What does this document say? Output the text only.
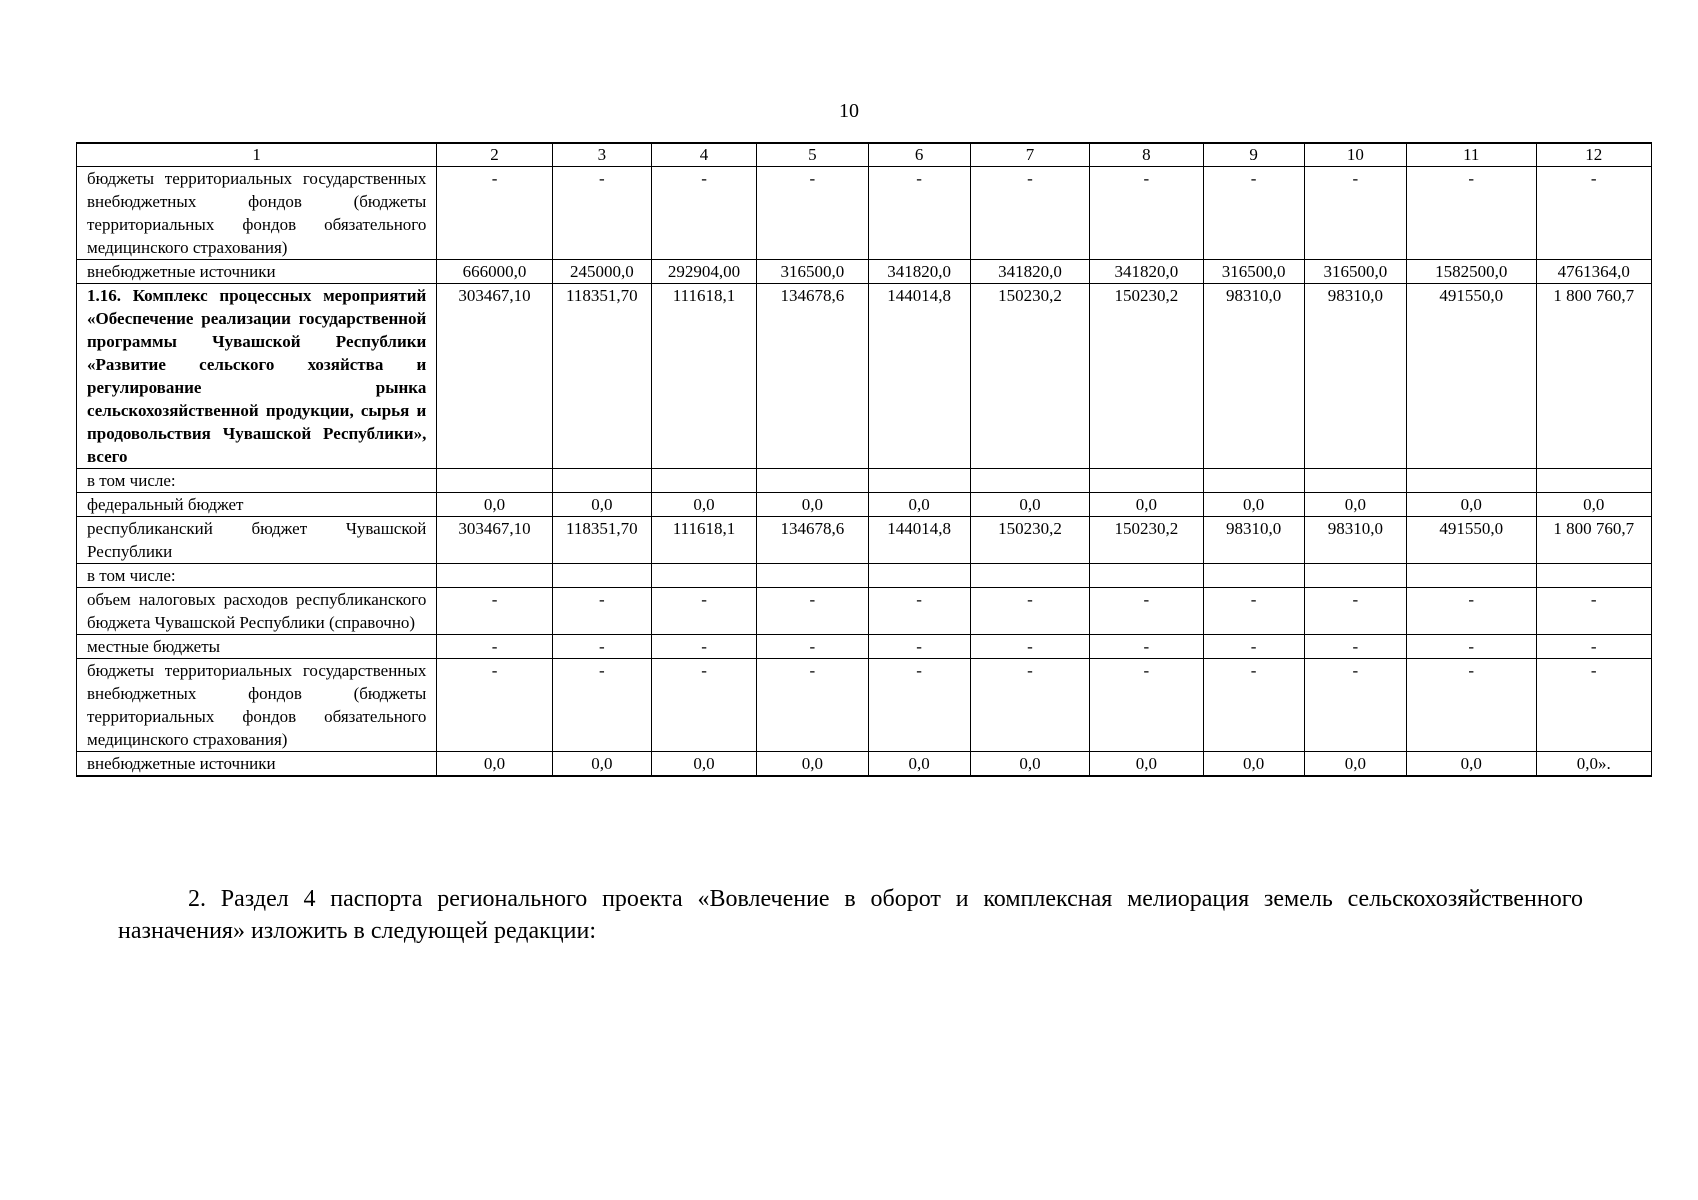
10
1	2	3	4	5	6	7	8	9	10	11	12
бюджеты территориальных государственных внебюджетных фондов (бюджеты территориальных фондов обязательного медицинского страхования)	-	-	-	-	-	-	-	-	-	-	-
внебюджетные источники	666000,0	245000,0	292904,00	316500,0	341820,0	341820,0	341820,0	316500,0	316500,0	1582500,0	4761364,0
1.16. Комплекс процессных мероприятий «Обеспечение реализации государственной программы Чувашской Республики «Развитие сельского хозяйства и регулирование рынка сельскохозяйственной продукции, сырья и продовольствия Чувашской Республики», всего	303467,10	118351,70	111618,1	134678,6	144014,8	150230,2	150230,2	98310,0	98310,0	491550,0	1 800 760,7
в том числе:											
федеральный бюджет	0,0	0,0	0,0	0,0	0,0	0,0	0,0	0,0	0,0	0,0	0,0
республиканский бюджет Чувашской Республики	303467,10	118351,70	111618,1	134678,6	144014,8	150230,2	150230,2	98310,0	98310,0	491550,0	1 800 760,7
в том числе:											
объем налоговых расходов республиканского бюджета Чувашской Республики (справочно)	-	-	-	-	-	-	-	-	-	-	-
местные бюджеты	-	-	-	-	-	-	-	-	-	-	-
бюджеты территориальных государственных внебюджетных фондов (бюджеты территориальных фондов обязательного медицинского страхования)	-	-	-	-	-	-	-	-	-	-	-
внебюджетные источники	0,0	0,0	0,0	0,0	0,0	0,0	0,0	0,0	0,0	0,0	0,0».
2. Раздел 4 паспорта регионального проекта «Вовлечение в оборот и комплексная мелиорация земель сельскохозяйственного назначения» изложить в следующей редакции:
